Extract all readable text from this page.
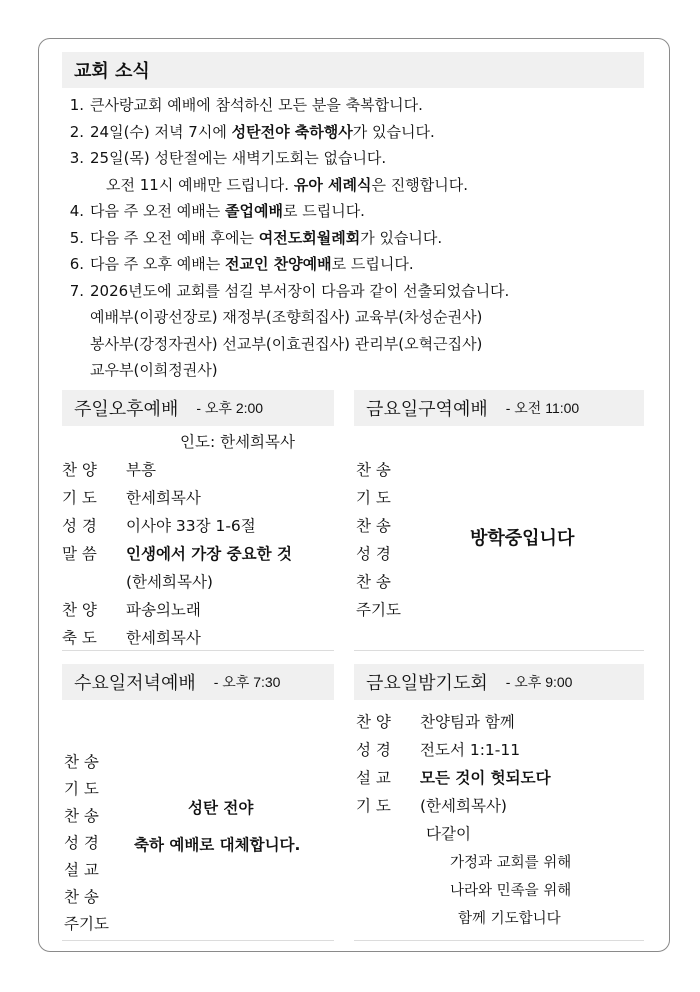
교회 소식
1. 큰사랑교회 예배에 참석하신 모든 분을 축복합니다.
2. 24일(수) 저녁 7시에 성탄전야 축하행사가 있습니다.
3. 25일(목) 성탄절에는 새벽기도회는 없습니다.
오전 11시 예배만 드립니다. 유아 세례식은 진행합니다.
4. 다음 주 오전 예배는 졸업예배로 드립니다.
5. 다음 주 오전 예배 후에는 여전도회월례회가 있습니다.
6. 다음 주 오후 예배는 전교인 찬양예배로 드립니다.
7. 2026년도에 교회를 섬길 부서장이 다음과 같이 선출되었습니다.
예배부(이광선장로) 재정부(조향희집사) 교육부(차성순권사)
봉사부(강정자권사) 선교부(이효권집사) 관리부(오혁근집사)
교우부(이희정권사)
주일오후예배 - 오후 2:00
인도: 한세희목사
찬 양 부흥
기 도 한세희목사
성 경 이사야 33장 1-6절
말 씀 인생에서 가장 중요한 것
(한세희목사)
찬 양 파송의노래
축 도 한세희목사
금요일구역예배 - 오전 11:00
찬 송
기 도
찬 송
성 경
찬 송
주기도
방학중입니다
수요일저녁예배 - 오후 7:30
찬 송
기 도
찬 송
성 경
설 교
찬 송
주기도
성탄 전야
축하 예배로 대체합니다.
금요일밤기도회 - 오후 9:00
찬 양 찬양팀과 함께
성 경 전도서 1:1-11
설 교 모든 것이 헛되도다
기 도 (한세희목사)
다같이
가정과 교회를 위해
나라와 민족을 위해
함께 기도합니다
